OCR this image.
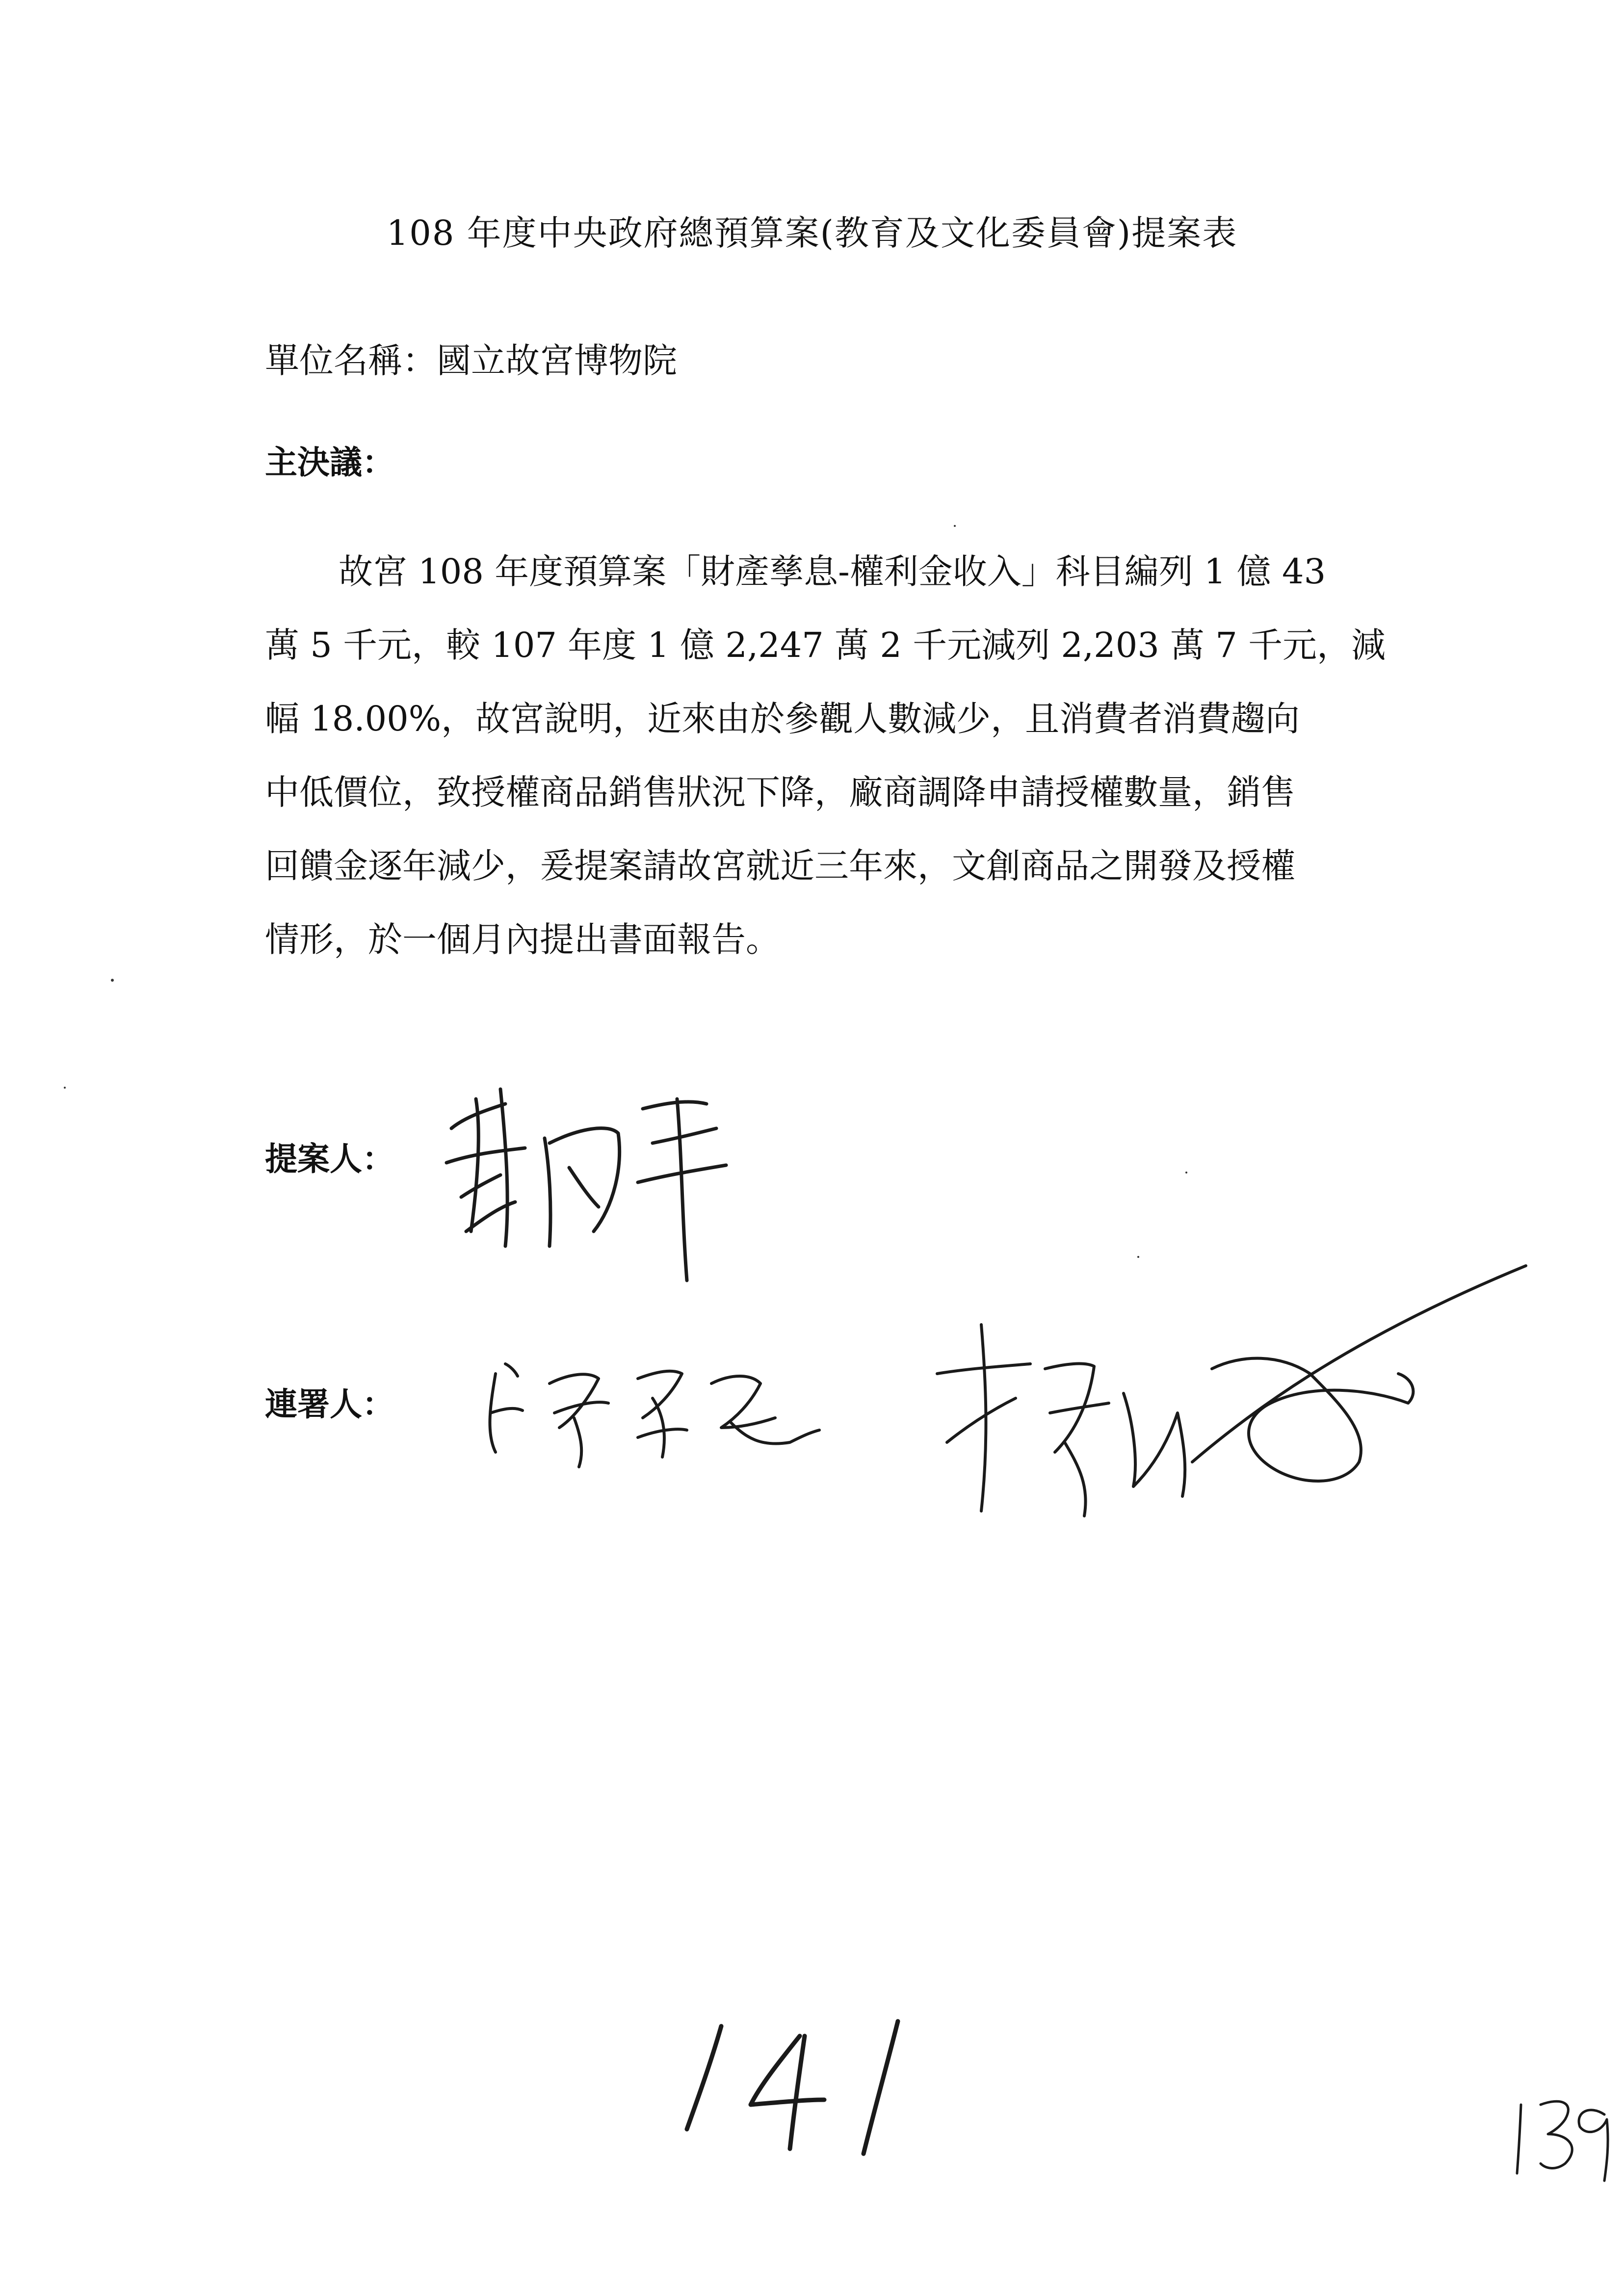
108 年度中央政府總預算案(教育及文化委員會)提案表
單位名稱：國立故宮博物院
主決議：
故宮 108 年度預算案「財產孳息-權利金收入」科目編列 1 億 43
萬 5 千元，較 107 年度 1 億 2,247 萬 2 千元減列 2,203 萬 7 千元，減
幅 18.00%，故宮說明，近來由於參觀人數減少，且消費者消費趨向
中低價位，致授權商品銷售狀況下降，廠商調降申請授權數量，銷售
回饋金逐年減少，爰提案請故宮就近三年來，文創商品之開發及授權
情形，於一個月內提出書面報告。
提案人：
連署人：
